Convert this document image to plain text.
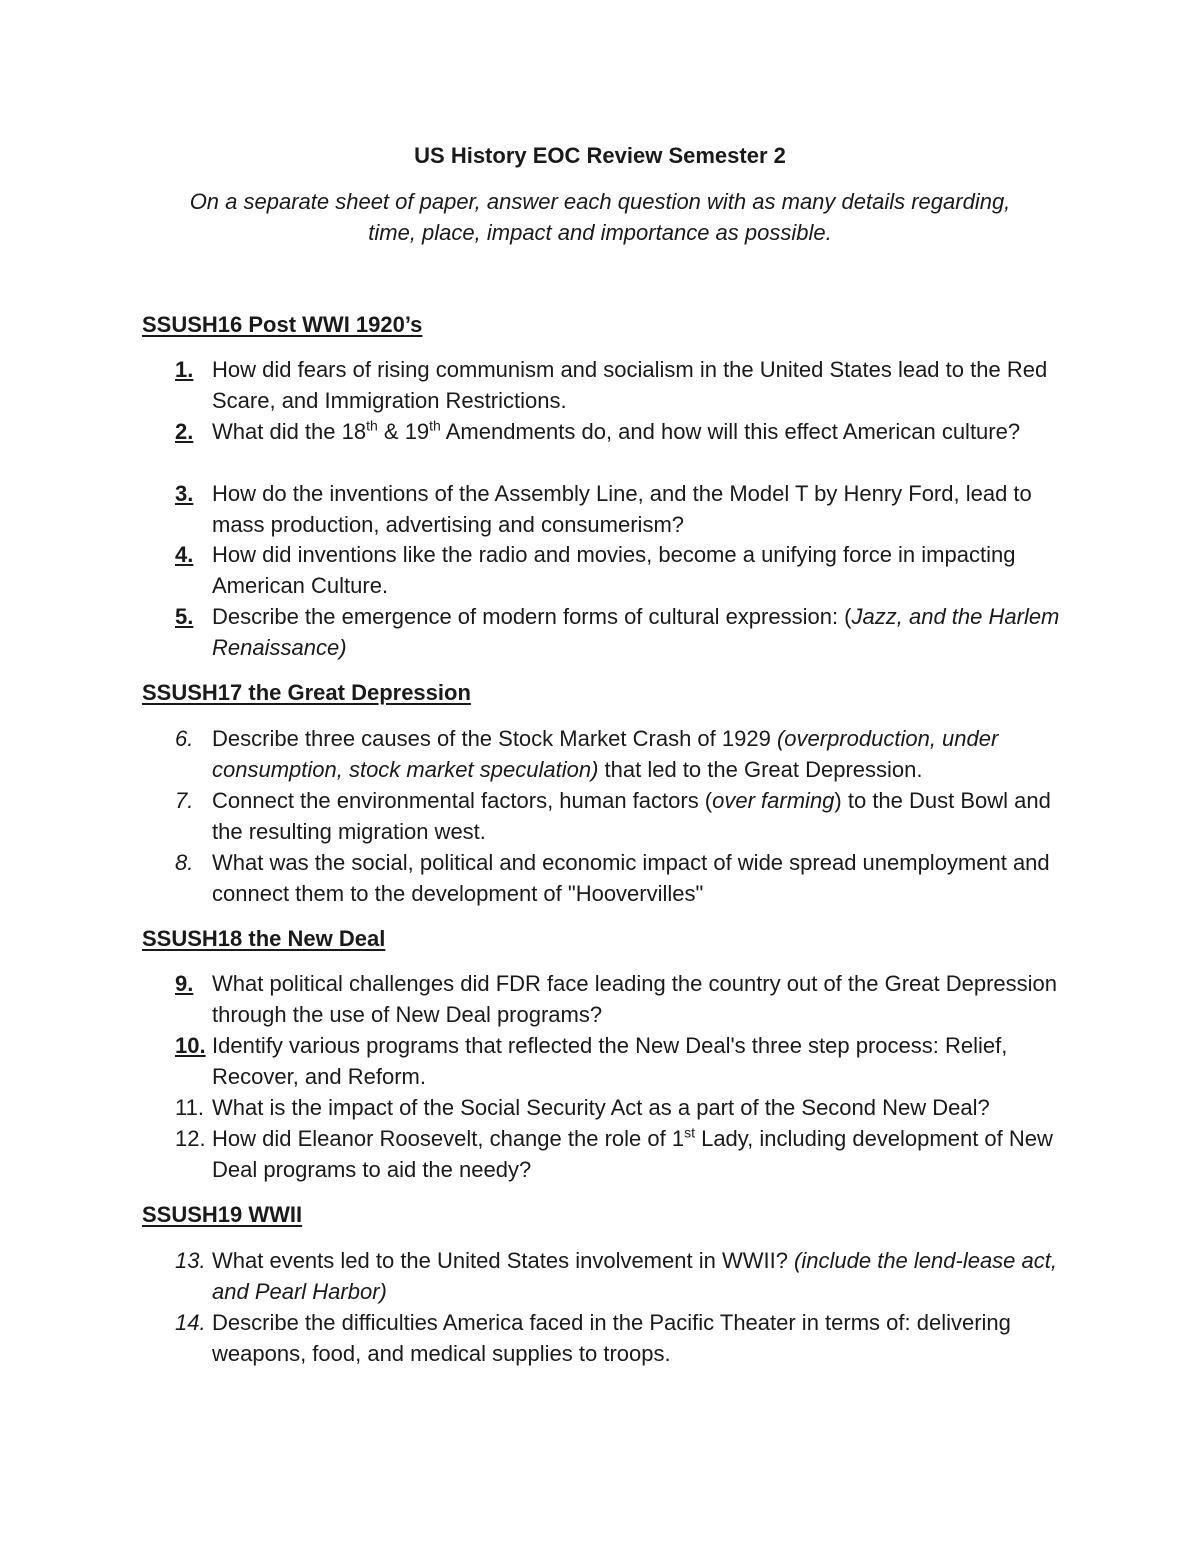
US History EOC Review Semester 2
On a separate sheet of paper, answer each question with as many details regarding,
time, place, impact and importance as possible.
SSUSH16 Post WWI 1920’s
1. How did fears of rising communism and socialism in the United States lead to the Red Scare, and Immigration Restrictions.
2. What did the 18th & 19th Amendments do, and how will this effect American culture?
3. How do the inventions of the Assembly Line, and the Model T by Henry Ford, lead to mass production, advertising and consumerism?
4. How did inventions like the radio and movies, become a unifying force in impacting American Culture.
5. Describe the emergence of modern forms of cultural expression: (Jazz, and the Harlem Renaissance)
SSUSH17 the Great Depression
6. Describe three causes of the Stock Market Crash of 1929 (overproduction, under consumption, stock market speculation) that led to the Great Depression.
7. Connect the environmental factors, human factors (over farming) to the Dust Bowl and the resulting migration west.
8. What was the social, political and economic impact of wide spread unemployment and connect them to the development of "Hoovervilles"
SSUSH18 the New Deal
9. What political challenges did FDR face leading the country out of the Great Depression through the use of New Deal programs?
10. Identify various programs that reflected the New Deal's three step process: Relief, Recover, and Reform.
11. What is the impact of the Social Security Act as a part of the Second New Deal?
12. How did Eleanor Roosevelt, change the role of 1st Lady, including development of New Deal programs to aid the needy?
SSUSH19 WWII
13. What events led to the United States involvement in WWII? (include the lend-lease act, and Pearl Harbor)
14. Describe the difficulties America faced in the Pacific Theater in terms of: delivering weapons, food, and medical supplies to troops.
